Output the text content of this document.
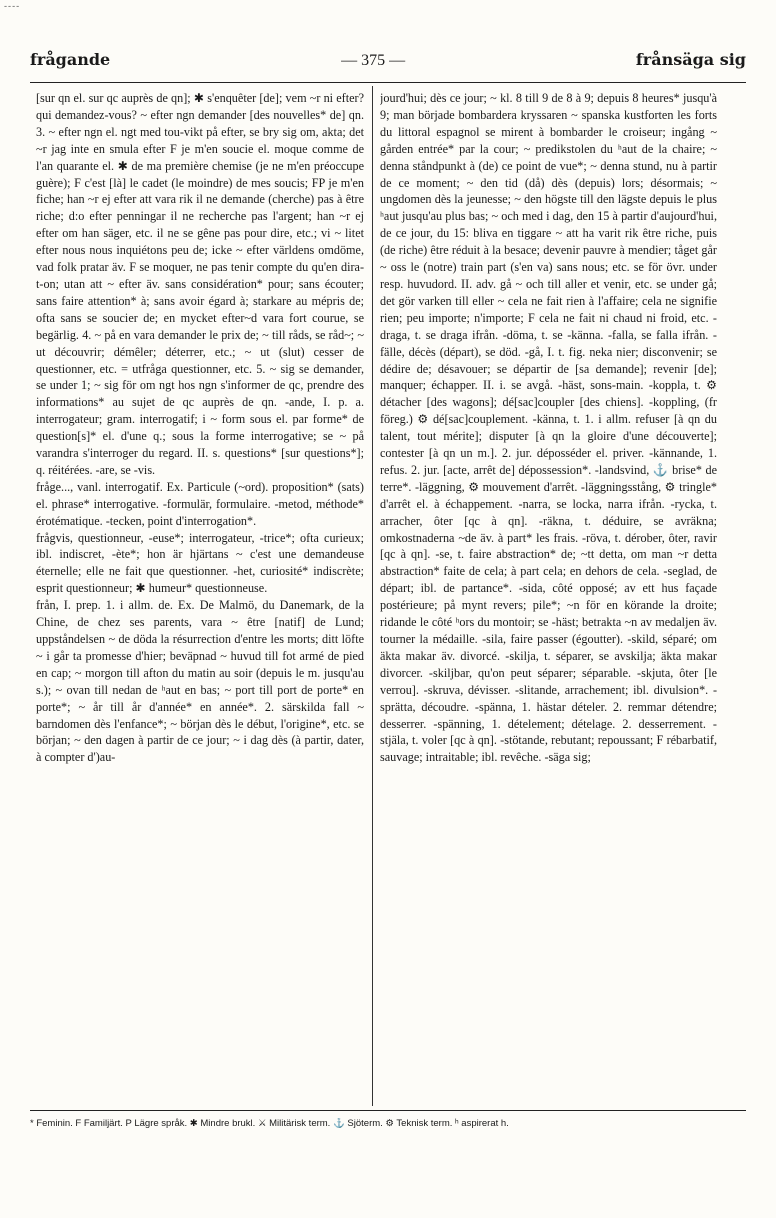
----
frågande	— 375 —	frånsäga sig

[sur qn el. sur qc auprès de qn]; ✱ s'enquêter [de]; vem ~r ni efter? qui demandez-vous? ~ efter ngn demander [des nouvelles* de] qn. 3. ~ efter ngn el. ngt med tou-vikt på efter, se bry sig om, akta; det ~r jag inte en smula efter F je m'en soucie el. moque comme de l'an quarante el. ✱ de ma première chemise (je ne m'en préoccupe guère); F c'est [là] le cadet (le moindre) de mes soucis; FP je m'en fiche; han ~r ej efter att vara rik il ne demande (cherche) pas à être riche; d:o efter penningar il ne recherche pas l'argent; han ~r ej efter om han säger, etc. il ne se gêne pas pour dire, etc.; vi ~ litet efter nous nous inquiétons peu de; icke ~ efter världens omdöme, vad folk pratar äv. F se moquer, ne pas tenir compte du qu'en dira-t-on; utan att ~ efter äv. sans considération* pour; sans écouter; sans faire attention* à; sans avoir égard à; starkare au mépris de; ofta sans se soucier de; en mycket efter~d vara fort courue, se begärlig. 4. ~ på en vara demander le prix de; ~ till råds, se råd~; ~ ut découvrir; démêler; déterrer, etc.; ~ ut (slut) cesser de questionner, etc. = utfråga questionner, etc. 5. ~ sig se demander, se under 1; ~ sig för om ngt hos ngn s'informer de qc, prendre des informations* au sujet de qc auprès de qn. -ande, I. p. a. interrogateur; gram. interrogatif; i ~ form sous el. par forme* de question[s]* el. d'une q.; sous la forme interrogative; se ~ på varandra s'interroger du regard. II. s. questions* [sur questions*]; q. réitérées. -are, se -vis.

fråge..., vanl. interrogatif. Ex. Particule (~ord). proposition* (sats) el. phrase* interrogative. -formulär, formulaire. -metod, méthode* érotématique. -tecken, point d'interrogation*.

frågvis, questionneur, -euse*; interrogateur, -trice*; ofta curieux; ibl. indiscret, -ète*; hon är hjärtans ~ c'est une demandeuse éternelle; elle ne fait que questionner. -het, curiosité* indiscrète; esprit questionneur; ✱ humeur* questionneuse.

från, I. prep. 1. i allm. de. Ex. De Malmö, du Danemark, de la Chine, de chez ses parents, vara ~ être [natif] de Lund; uppståndelsen ~ de döda la résurrection d'entre les morts; ditt löfte ~ i går ta promesse d'hier; beväpnad ~ huvud till fot armé de pied en cap; ~ morgon till afton du matin au soir (depuis le m. jusqu'au s.); ~ ovan till nedan de ʰaut en bas; ~ port till port de porte* en porte*; ~ år till år d'année* en année*. 2. särskilda fall ~ barndomen dès l'enfance*; ~ början dès le début, l'origine*, etc. se början; ~ den dagen à partir de ce jour; ~ i dag dès (à partir, dater, à compter d')au-

jourd'hui; dès ce jour; ~ kl. 8 till 9 de 8 à 9; depuis 8 heures* jusqu'à 9; man började bombardera kryssaren ~ spanska kustforten les forts du littoral espagnol se mirent à bombarder le croiseur; ingång ~ gården entrée* par la cour; ~ predikstolen du ʰaut de la chaire; ~ denna ståndpunkt à (de) ce point de vue*; ~ denna stund, nu à partir de ce moment; ~ den tid (då) dès (depuis) lors; désormais; ~ ungdomen dès la jeunesse; ~ den högste till den lägste depuis le plus ʰaut jusqu'au plus bas; ~ och med i dag, den 15 à partir d'aujourd'hui, de ce jour, du 15: bliva en tiggare ~ att ha varit rik être riche, puis (de riche) être réduit à la besace; devenir pauvre à mendier; tåget går ~ oss le (notre) train part (s'en va) sans nous; etc. se för övr. under resp. huvudord. II. adv. gå ~ och till aller et venir, etc. se under gå; det gör varken till eller ~ cela ne fait rien à l'affaire; cela ne signifie rien; peu importe; n'importe; F cela ne fait ni chaud ni froid, etc. -draga, t. se draga ifrån. -döma, t. se -känna. -falla, se falla ifrån. -fälle, décès (départ), se död. -gå, I. t. fig. neka nier; disconvenir; se dédire de; désavouer; se départir de [sa demande]; revenir [de]; manquer; échapper. II. i. se avgå. -häst, sons-main. -koppla, t. ⚙ détacher [des wagons]; dé[sac]coupler [des chiens]. -koppling, (fr föreg.) ⚙ dé[sac]couplement. -känna, t. 1. i allm. refuser [à qn du talent, tout mérite]; disputer [à qn la gloire d'une découverte]; contester [à qn un m.]. 2. jur. déposséder el. priver. -kännande, 1. refus. 2. jur. [acte, arrêt de] dépossession*. -landsvind, ⚓ brise* de terre*. -läggning, ⚙ mouvement d'arrêt. -läggningsstång, ⚙ tringle* d'arrêt el. à échappement. -narra, se locka, narra ifrån. -rycka, t. arracher, ôter [qc à qn]. -räkna, t. déduire, se avräkna; omkostnaderna ~de äv. à part* les frais. -röva, t. dérober, ôter, ravir [qc à qn]. -se, t. faire abstraction* de; ~tt detta, om man ~r detta abstraction* faite de cela; à part cela; en dehors de cela. -seglad, de départ; ibl. de partance*. -sida, côté opposé; av ett hus façade postérieure; på mynt revers; pile*; ~n för en körande la droite; ridande le côté ʰors du montoir; se -häst; betrakta ~n av medaljen äv. tourner la médaille. -sila, faire passer (égoutter). -skild, séparé; om äkta makar äv. divorcé. -skilja, t. séparer, se avskilja; äkta makar divorcer. -skiljbar, qu'on peut séparer; séparable. -skjuta, ôter [le verrou]. -skruva, dévisser. -slitande, arrachement; ibl. divulsion*. -sprätta, découdre. -spänna, 1. hästar dételer. 2. remmar détendre; desserrer. -spänning, 1. dételement; dételage. 2. desserrement. -stjäla, t. voler [qc à qn]. -stötande, rebutant; repoussant; F rébarbatif, sauvage; intraitable; ibl. revêche. -säga sig;

* Feminin. F Familjärt. P Lägre språk. ✱ Mindre brukl. ⚔ Militärisk term. ⚓ Sjöterm. ⚙ Teknisk term. ʰ aspirerat h.
